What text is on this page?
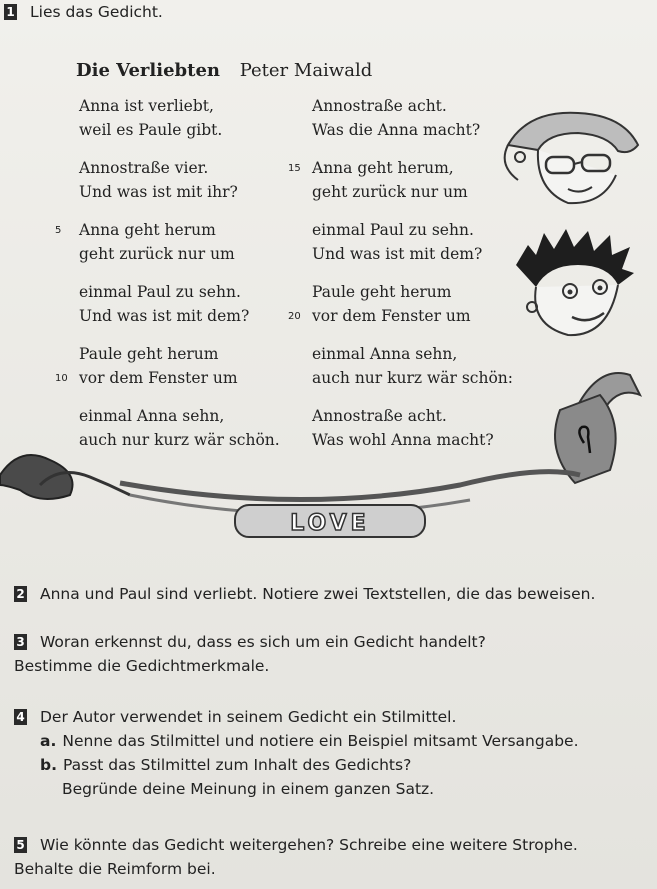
1 Lies das Gedicht.
Die Verliebten Peter Maiwald
Anna ist verliebt,
weil es Paule gibt.
Annostraße vier.
Und was ist mit ihr?
5 Anna geht herum
geht zurück nur um
einmal Paul zu sehn.
Und was ist mit dem?
Paule geht herum
10 vor dem Fenster um
einmal Anna sehn,
auch nur kurz wär schön.
Annostraße acht.
Was die Anna macht?
15 Anna geht herum,
geht zurück nur um
einmal Paul zu sehn.
Und was ist mit dem?
Paule geht herum
20 vor dem Fenster um
einmal Anna sehn,
auch nur kurz wär schön:
Annostraße acht.
Was wohl Anna macht?
LOVE
2 Anna und Paul sind verliebt. Notiere zwei Textstellen, die das beweisen.
3 Woran erkennst du, dass es sich um ein Gedicht handelt?
Bestimme die Gedichtmerkmale.
4 Der Autor verwendet in seinem Gedicht ein Stilmittel.
a. Nenne das Stilmittel und notiere ein Beispiel mitsamt Versangabe.
b. Passt das Stilmittel zum Inhalt des Gedichts?
Begründe deine Meinung in einem ganzen Satz.
5 Wie könnte das Gedicht weitergehen? Schreibe eine weitere Strophe.
Behalte die Reimform bei.
